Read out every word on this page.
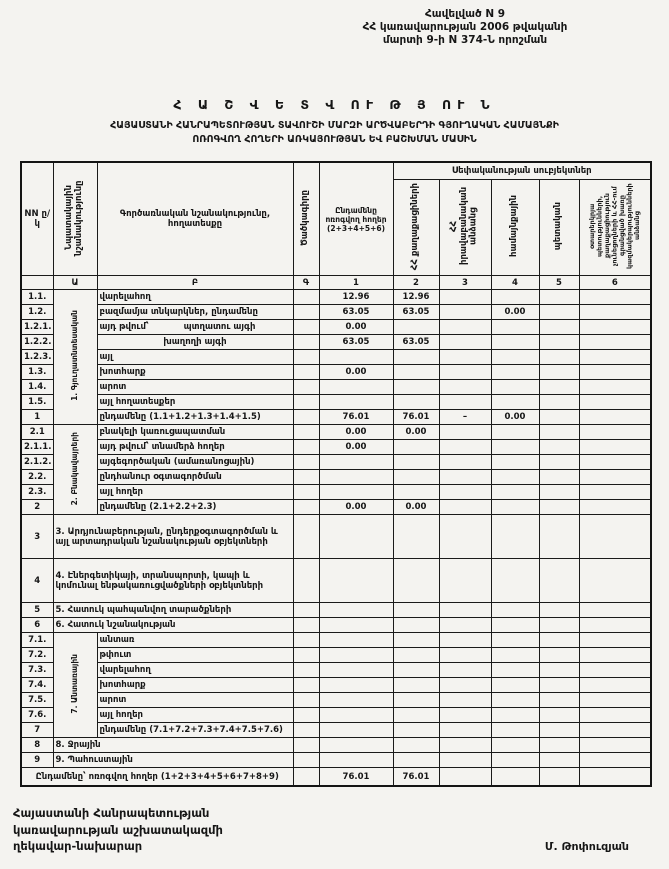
Հավելված N 9
ՀՀ կառավարության 2006 թվականի
մարտի 9-ի N 374-Ն որոշման
Հ Ա Շ Վ Ե Տ Վ ՈՒ Թ Յ ՈՒ Ն
ՀԱՅԱՍՏԱՆԻ ՀԱՆՐԱՊԵՏՈՒԹՅԱՆ ՏԱՎՈՒՇԻ ՄԱՐԶԻ ԱՐԾՎԱԲԵՐԴԻ ԳՅՈՒՂԱԿԱՆ ՀԱՄԱՅՆՔԻ
ՈՌՈԳՎՈՂ ՀՈՂԵՐԻ ԱՌԿԱՅՈՒԹՅԱՆ ԵՎ ԲԱՇԽՄԱՆ ՄԱՍԻՆ
NN ը/կ	Նպատակային նշանակությունը	Գործառնական նշանակությունը, հողատեսքը	Ծածկագիրը	Ընդամենը ոռոգվող հողեր (2+3+4+5+6)	Սեփականության սուբյեկտներ				
					ՀՀ քաղաքացիների	ՀՀ իրավաբանական անձանց	համայնքային	պետական	օտարերկրյա պետությունների, քաղաքացիություն չունեցողների և ՀՀ-ում գրանցված խառը կազմակերպությունների անձանց
	Ա	Բ	Գ	1	2	3	4	5	6
1.1.	1. Գյուղատնտեսական	վարելահող		12.96	12.96				
1.2.		բազմամյա տնկարկներ, ընդամենը		63.05	63.05		0.00		
1.2.1.		այդ թվում՝ պտղատու այգի		0.00					
1.2.2.		խաղողի այգի		63.05	63.05				
1.2.3.		այլ							
1.3.		խոտհարք		0.00					
1.4.		արոտ							
1.5.		այլ հողատեսքեր							
1		ընդամենը (1.1+1.2+1.3+1.4+1.5)		76.01	76.01	–	0.00		
2.1	2. Բնակավայրերի	բնակելի կառուցապատման		0.00	0.00				
2.1.1.		այդ թվում՝ տնամերձ հողեր		0.00					
2.1.2.		այգեգործական (ամառանոցային)							
2.2.		ընդհանուր օգտագործման							
2.3.		այլ հողեր							
2		ընդամենը (2.1+2.2+2.3)		0.00	0.00				
3	3. Արդյունաբերության, ընդերքօգտագործման և այլ արտադրական նշանակության օբյեկտների								
4	4. Էներգետիկայի, տրանսպորտի, կապի և կոմունալ ենթակառուցվածքների օբյեկտների								
5	5. Հատուկ պահպանվող տարածքների								
6	6. Հատուկ նշանակության								
7.1.	7. Անտառային	անտառ							
7.2.		թփուտ							
7.3.		վարելահող							
7.4.		խոտհարք							
7.5.		արոտ							
7.6.		այլ հողեր							
7		ընդամենը (7.1+7.2+7.3+7.4+7.5+7.6)							
8	8. Ջրային								
9	9. Պահուստային								
Ընդամենը՝ ոռոգվող հողեր (1+2+3+4+5+6+7+8+9)				76.01	76.01				
Հայաստանի Հանրապետության
կառավարության աշխատակազմի
ղեկավար-նախարար	Մ. Թոփուզյան
